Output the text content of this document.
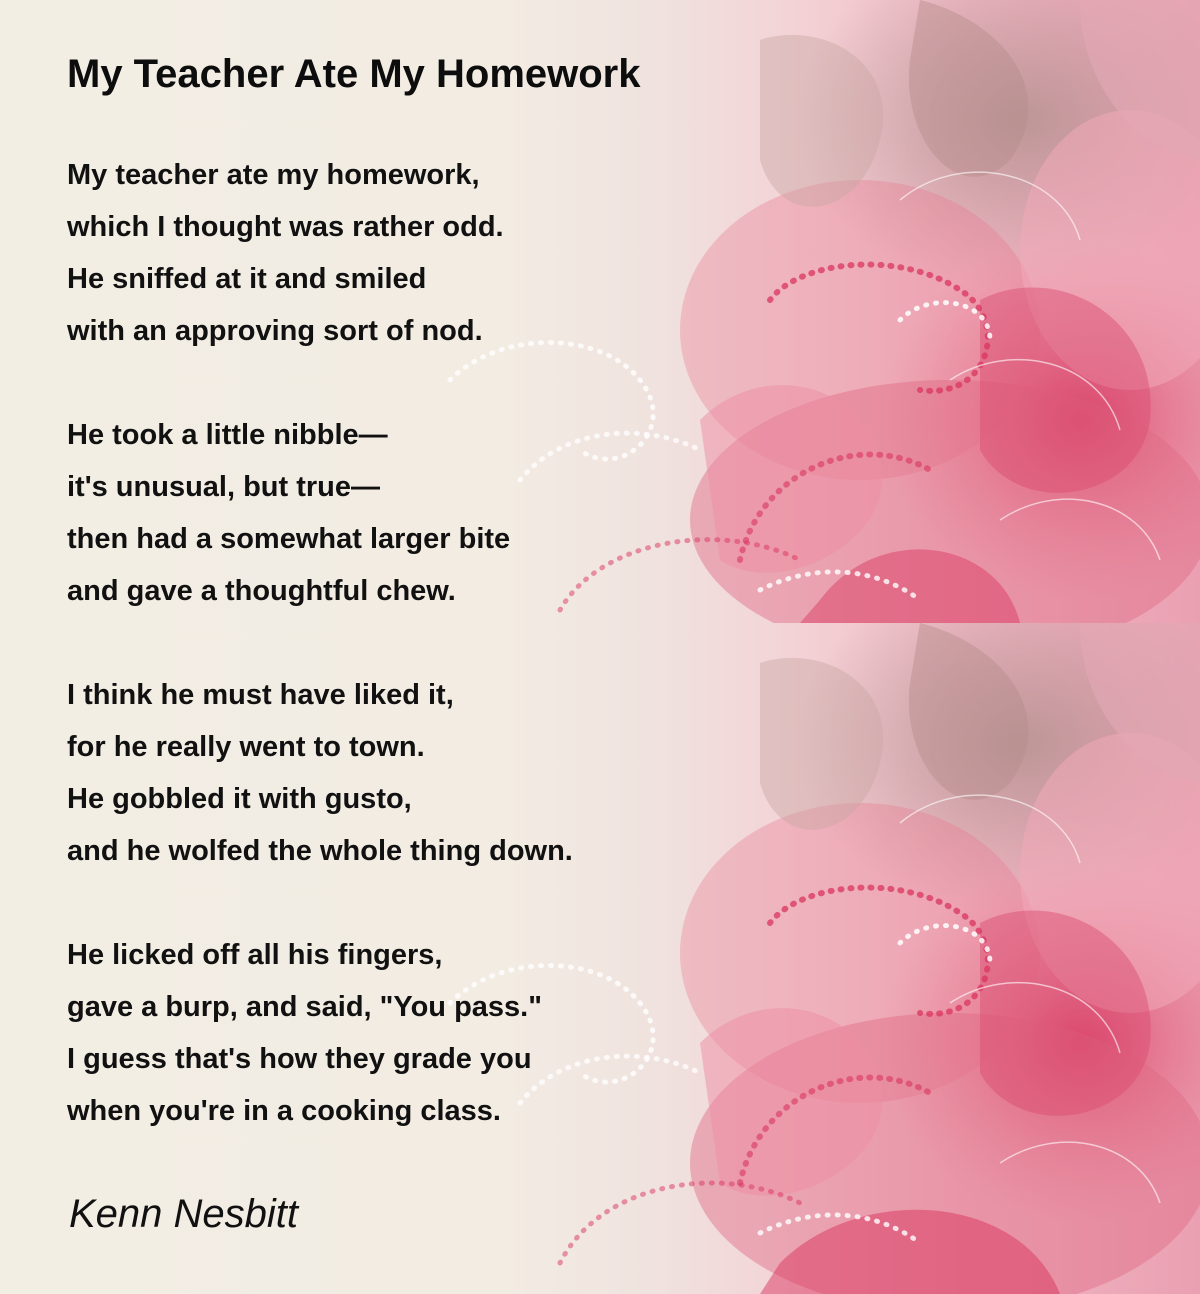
My Teacher Ate My Homework
My teacher ate my homework,
which I thought was rather odd.
He sniffed at it and smiled
with an approving sort of nod.
He took a little nibble—
it's unusual, but true—
then had a somewhat larger bite
and gave a thoughtful chew.
I think he must have liked it,
for he really went to town.
He gobbled it with gusto,
and he wolfed the whole thing down.
He licked off all his fingers,
gave a burp, and said, "You pass."
I guess that's how they grade you
when you're in a cooking class.
Kenn Nesbitt
